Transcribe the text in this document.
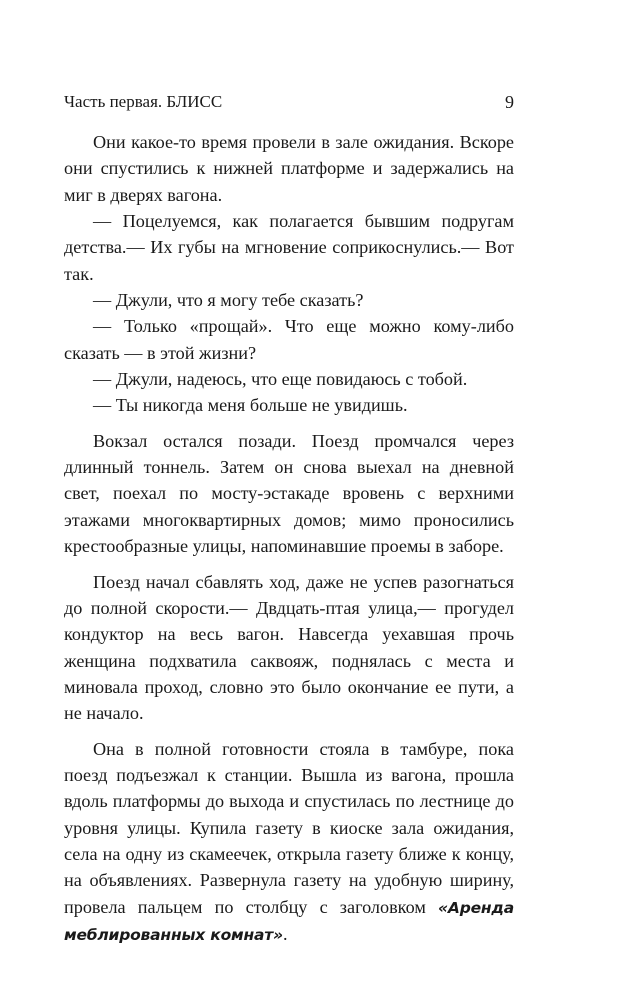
Часть первая. БЛИСС	9

Они какое-то время провели в зале ожидания. Вскоре они спустились к нижней платформе и задержались на миг в дверях вагона.

— Поцелуемся, как полагается бывшим подругам детства.— Их губы на мгновение соприкоснулись.— Вот так.

— Джули, что я могу тебе сказать?

— Только «прощай». Что еще можно кому-либо сказать — в этой жизни?

— Джули, надеюсь, что еще повидаюсь с тобой.

— Ты никогда меня больше не увидишь.

Вокзал остался позади. Поезд промчался через длинный тоннель. Затем он снова выехал на дневной свет, поехал по мосту-эстакаде вровень с верхними этажами многоквартирных домов; мимо проносились крестообразные улицы, напоминавшие проемы в заборе.

Поезд начал сбавлять ход, даже не успев разогнаться до полной скорости.— Двдцать-птая улица,— прогудел кондуктор на весь вагон. Навсегда уехавшая прочь женщина подхватила саквояж, поднялась с места и миновала проход, словно это было окончание ее пути, а не начало.

Она в полной готовности стояла в тамбуре, пока поезд подъезжал к станции. Вышла из вагона, прошла вдоль платформы до выхода и спустилась по лестнице до уровня улицы. Купила газету в киоске зала ожидания, села на одну из скамеечек, открыла газету ближе к концу, на объявлениях. Развернула газету на удобную ширину, провела пальцем по столбцу с заголовком «Аренда меблированных комнат».
